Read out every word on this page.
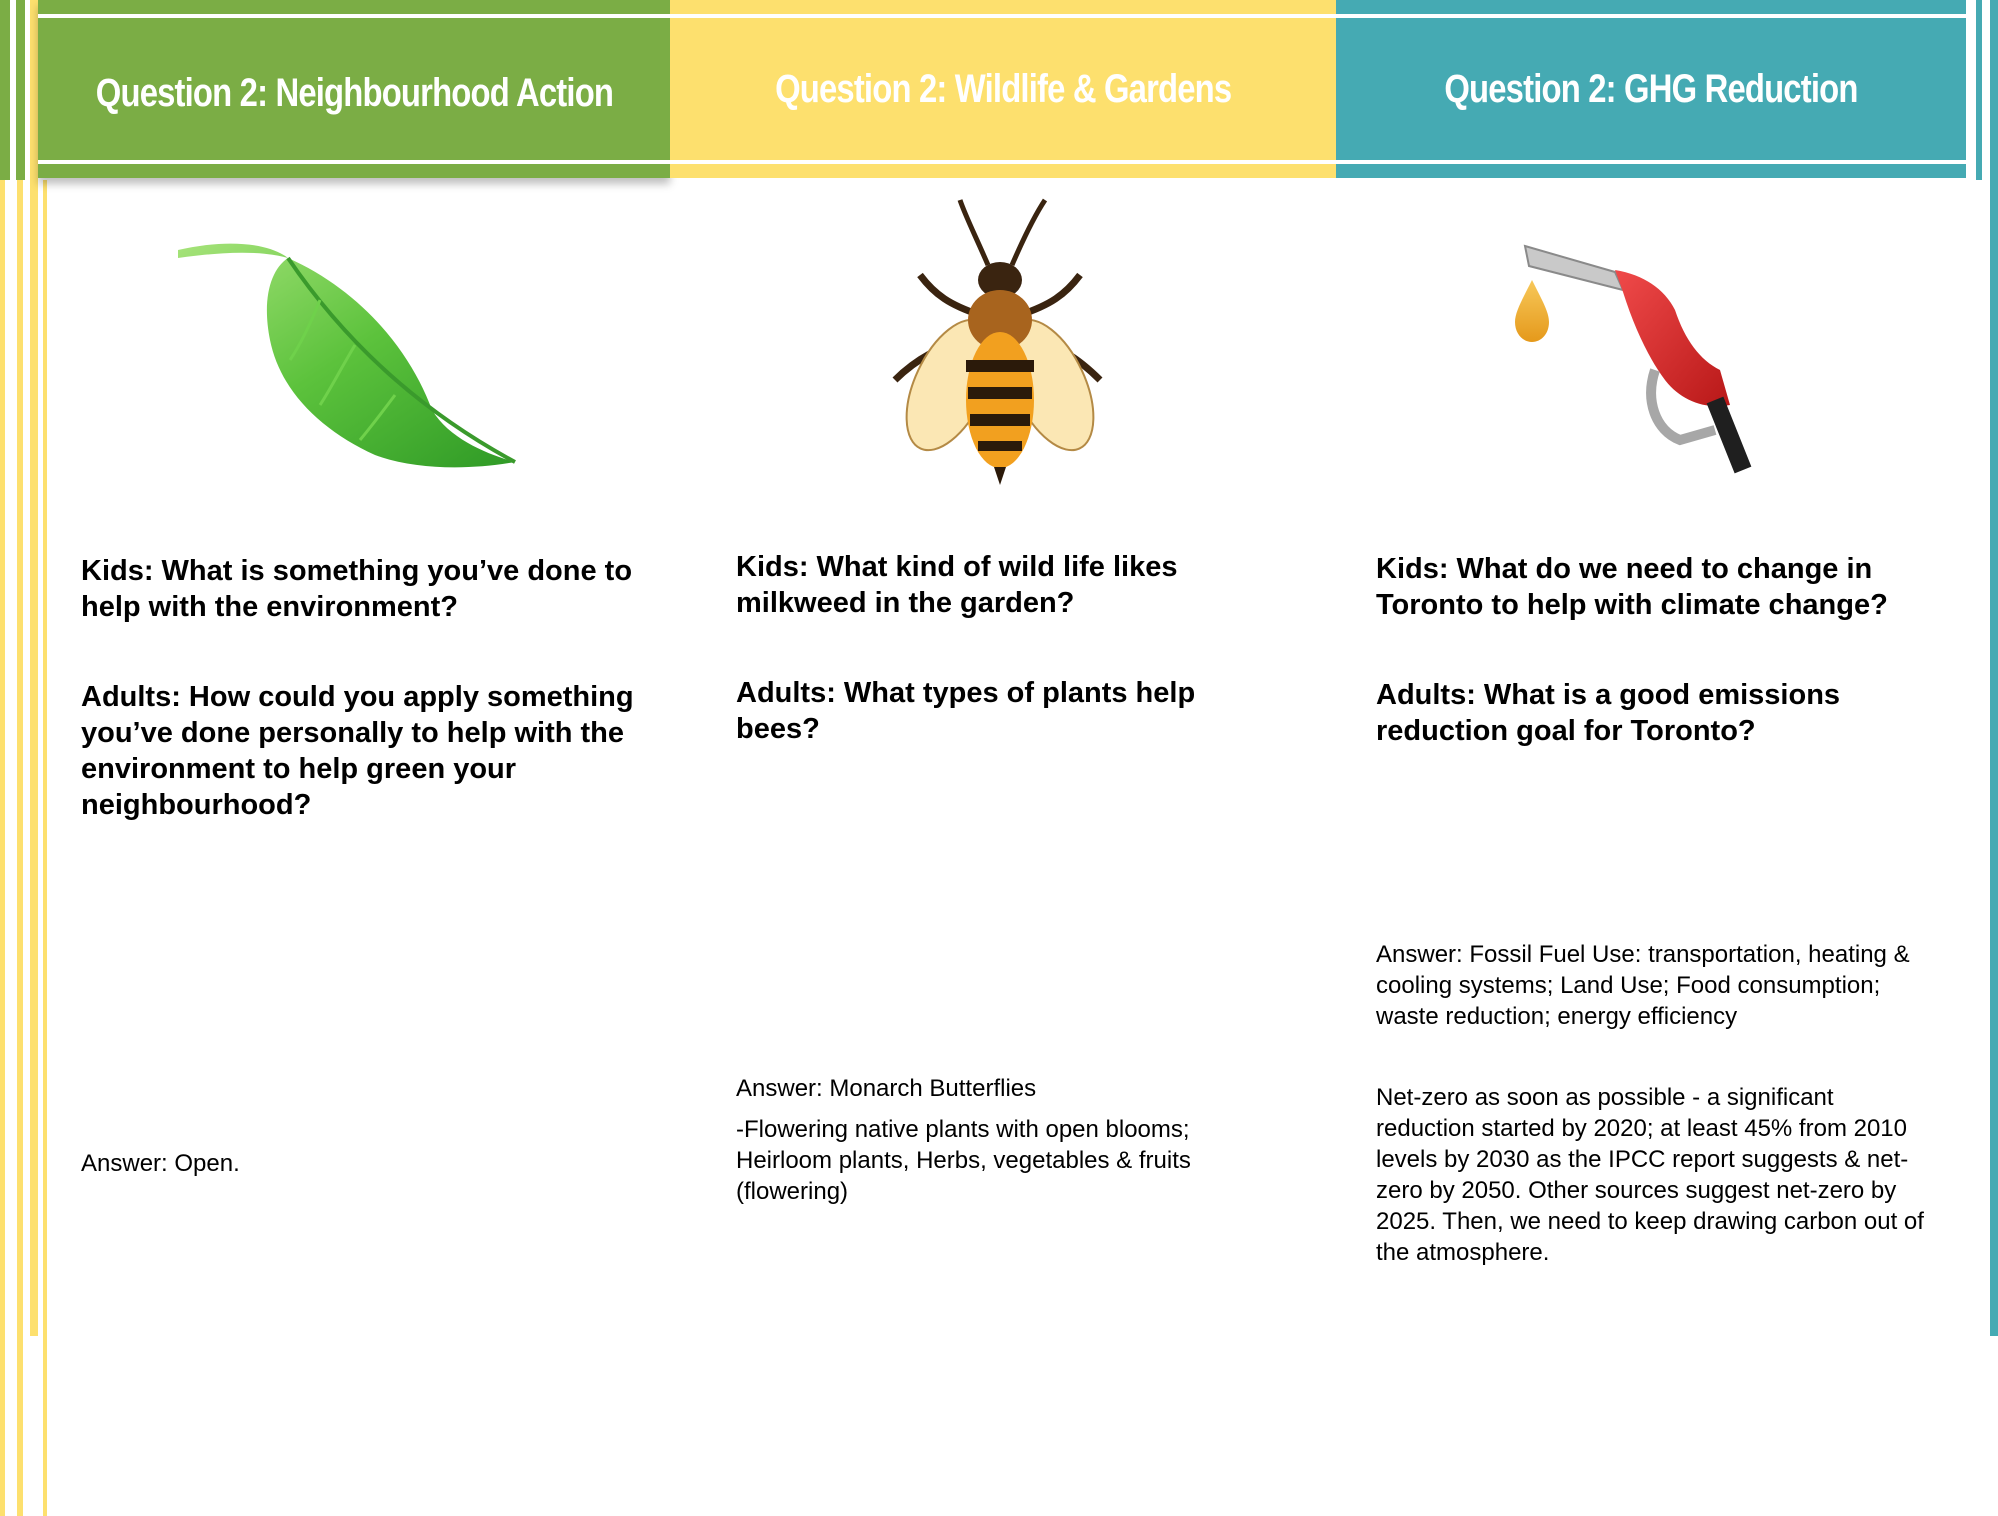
Question 2: Neighbourhood Action	Question 2: Wildlife & Gardens	Question 2: GHG Reduction
Kids: What is something you’ve done to help with the environment?
Adults: How could you apply something you’ve done personally to help with the environment to help green your neighbourhood?
Answer: Open.
Kids: What kind of wild life likes milkweed in the garden?
Adults: What types of plants help bees?
Answer: Monarch Butterflies
-Flowering native plants with open blooms; Heirloom plants, Herbs, vegetables & fruits (flowering)
Kids: What do we need to change in Toronto to help with climate change?
Adults: What is a good emissions reduction goal for Toronto?
Answer: Fossil Fuel Use: transportation, heating & cooling systems; Land Use; Food consumption; waste reduction; energy efficiency
Net-zero as soon as possible - a significant reduction started by 2020; at least 45% from 2010 levels by 2030 as the IPCC report suggests & net-zero by 2050. Other sources suggest net-zero by 2025. Then, we need to keep drawing carbon out of the atmosphere.
